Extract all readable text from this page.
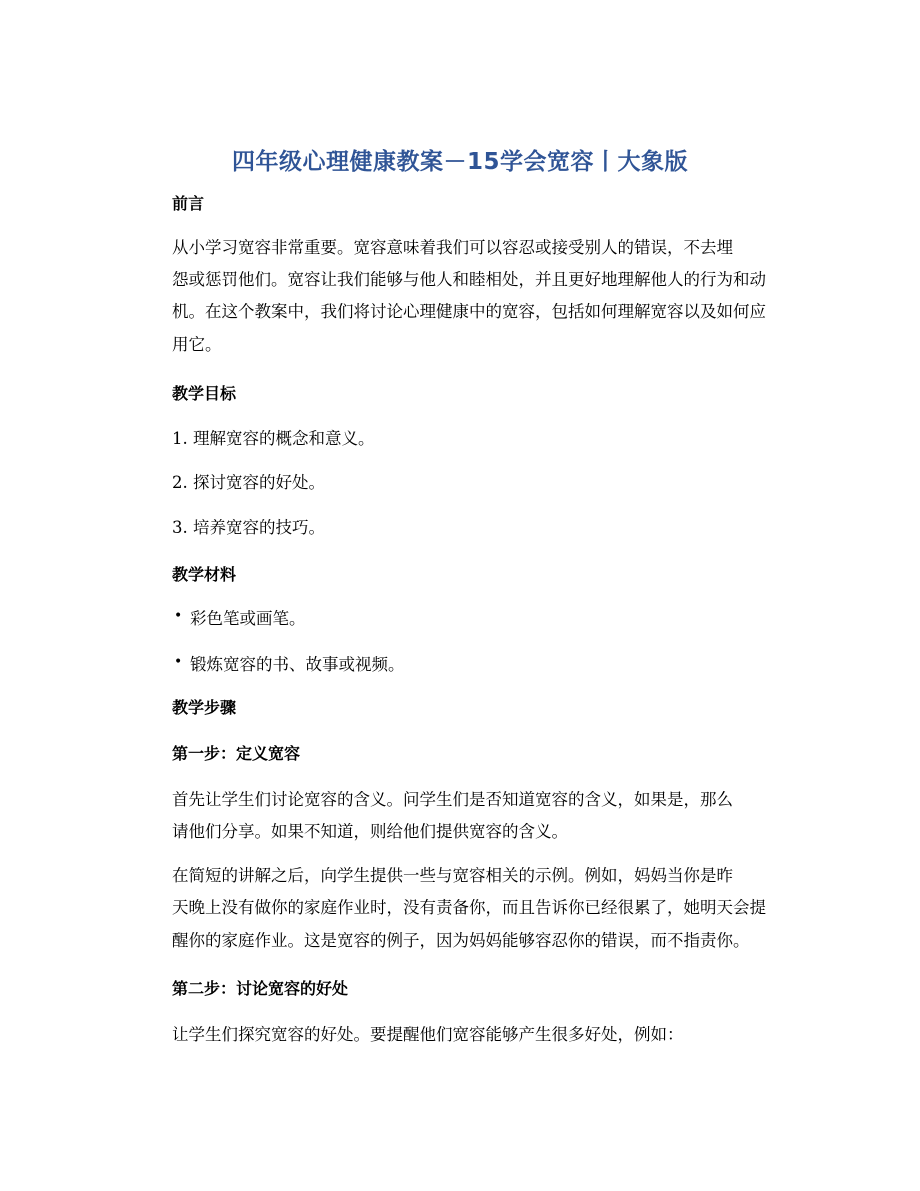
四年级心理健康教案－15学会宽容丨大象版
前言
从小学习宽容非常重要。宽容意味着我们可以容忍或接受别人的错误，不去埋
怨或惩罚他们。宽容让我们能够与他人和睦相处，并且更好地理解他人的行为和动
机。在这个教案中，我们将讨论心理健康中的宽容，包括如何理解宽容以及如何应
用它。
教学目标
1. 理解宽容的概念和意义。
2. 探讨宽容的好处。
3. 培养宽容的技巧。
教学材料
• 彩色笔或画笔。
• 锻炼宽容的书、故事或视频。
教学步骤
第一步：定义宽容
首先让学生们讨论宽容的含义。问学生们是否知道宽容的含义，如果是，那么
请他们分享。如果不知道，则给他们提供宽容的含义。
在简短的讲解之后，向学生提供一些与宽容相关的示例。例如，妈妈当你是昨
天晚上没有做你的家庭作业时，没有责备你，而且告诉你已经很累了，她明天会提
醒你的家庭作业。这是宽容的例子，因为妈妈能够容忍你的错误，而不指责你。
第二步：讨论宽容的好处
让学生们探究宽容的好处。要提醒他们宽容能够产生很多好处，例如：
